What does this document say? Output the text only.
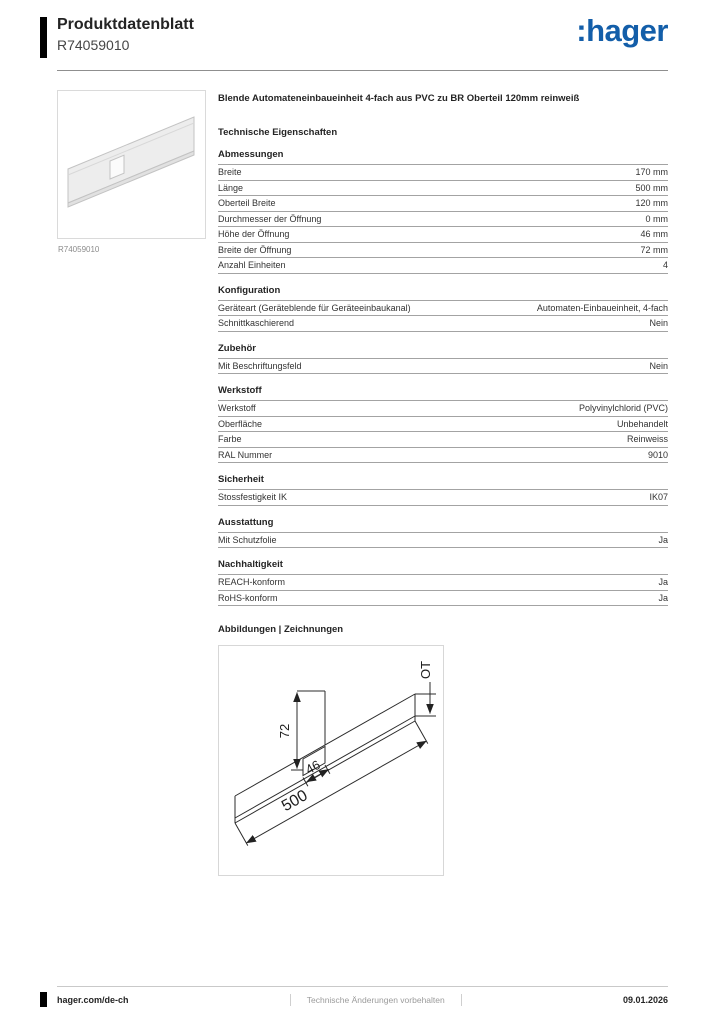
Produktdatenblatt
R74059010	:hager
R74059010
Blende Automateneinbaueinheit 4-fach aus PVC zu BR Oberteil 120mm reinweiß
Technische Eigenschaften
Abmessungen
Breite	170 mm
Länge	500 mm
Oberteil Breite	120 mm
Durchmesser der Öffnung	0 mm
Höhe der Öffnung	46 mm
Breite der Öffnung	72 mm
Anzahl Einheiten	4
Konfiguration
Geräteart (Geräteblende für Geräteeinbaukanal)	Automaten-Einbaueinheit, 4-fach
Schnittkaschierend	Nein
Zubehör
Mit Beschriftungsfeld	Nein
Werkstoff
Werkstoff	Polyvinylchlorid (PVC)
Oberfläche	Unbehandelt
Farbe	Reinweiss
RAL Nummer	9010
Sicherheit
Stossfestigkeit IK	IK07
Ausstattung
Mit Schutzfolie	Ja
Nachhaltigkeit
REACH-konform	Ja
RoHS-konform	Ja
Abbildungen | Zeichnungen
72
46
500
OT
hager.com/de-ch	Technische Änderungen vorbehalten	09.01.2026
